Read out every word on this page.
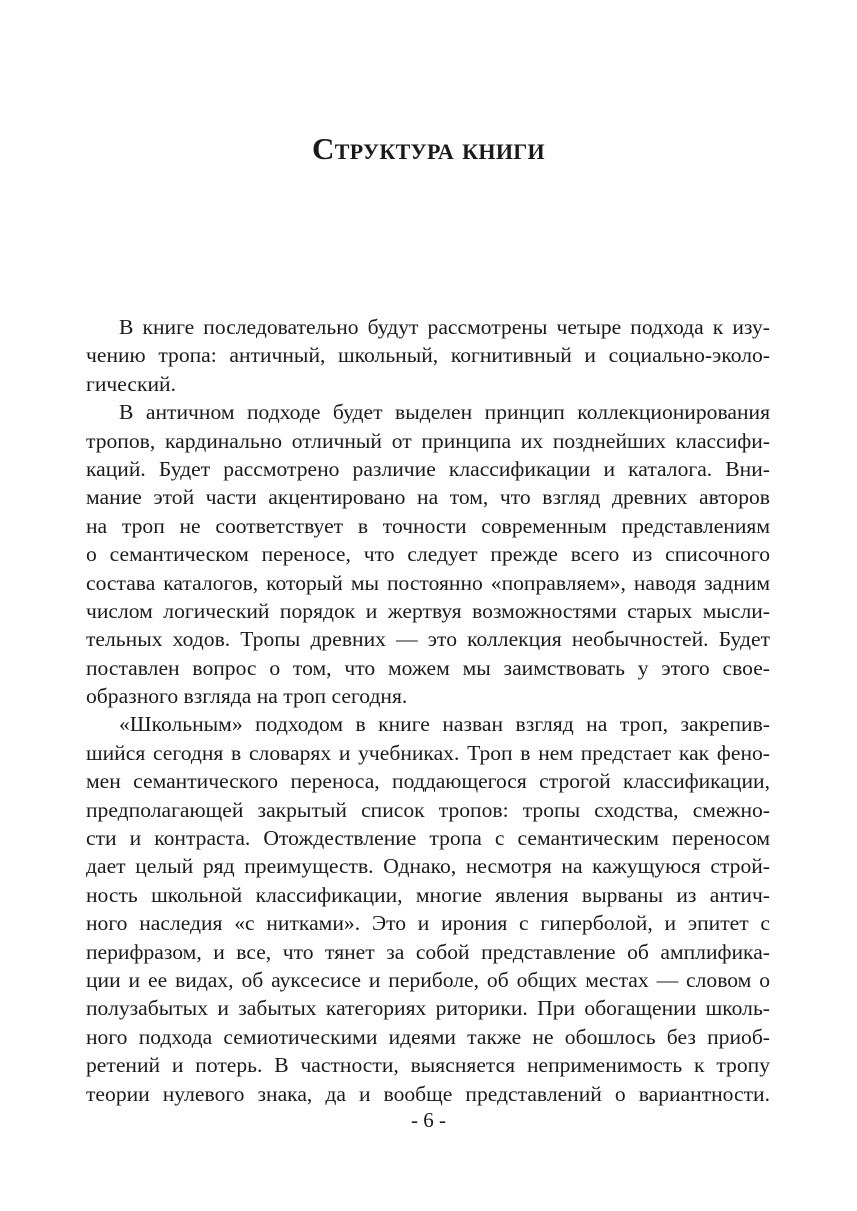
Структура книги
В книге последовательно будут рассмотрены четыре подхода к изу-
чению тропа: античный, школьный, когнитивный и социально-эколо-
гический.
В античном подходе будет выделен принцип коллекционирования
тропов, кардинально отличный от принципа их позднейших классифи-
каций. Будет рассмотрено различие классификации и каталога. Вни-
мание этой части акцентировано на том, что взгляд древних авторов
на троп не соответствует в точности современным представлениям
о семантическом переносе, что следует прежде всего из списочного
состава каталогов, который мы постоянно «поправляем», наводя задним
числом логический порядок и жертвуя возможностями старых мысли-
тельных ходов. Тропы древних — это коллекция необычностей. Будет
поставлен вопрос о том, что можем мы заимствовать у этого свое-
образного взгляда на троп сегодня.
«Школьным» подходом в книге назван взгляд на троп, закрепив-
шийся сегодня в словарях и учебниках. Троп в нем предстает как фено-
мен семантического переноса, поддающегося строгой классификации,
предполагающей закрытый список тропов: тропы сходства, смежно-
сти и контраста. Отождествление тропа с семантическим переносом
дает целый ряд преимуществ. Однако, несмотря на кажущуюся строй-
ность школьной классификации, многие явления вырваны из антич-
ного наследия «с нитками». Это и ирония с гиперболой, и эпитет с
перифразом, и все, что тянет за собой представление об амплифика-
ции и ее видах, об ауксесисе и периболе, об общих местах — словом о
полузабытых и забытых категориях риторики. При обогащении школь-
ного подхода семиотическими идеями также не обошлось без приоб-
ретений и потерь. В частности, выясняется неприменимость к тропу
теории нулевого знака, да и вообще представлений о вариантности.
- 6 -
